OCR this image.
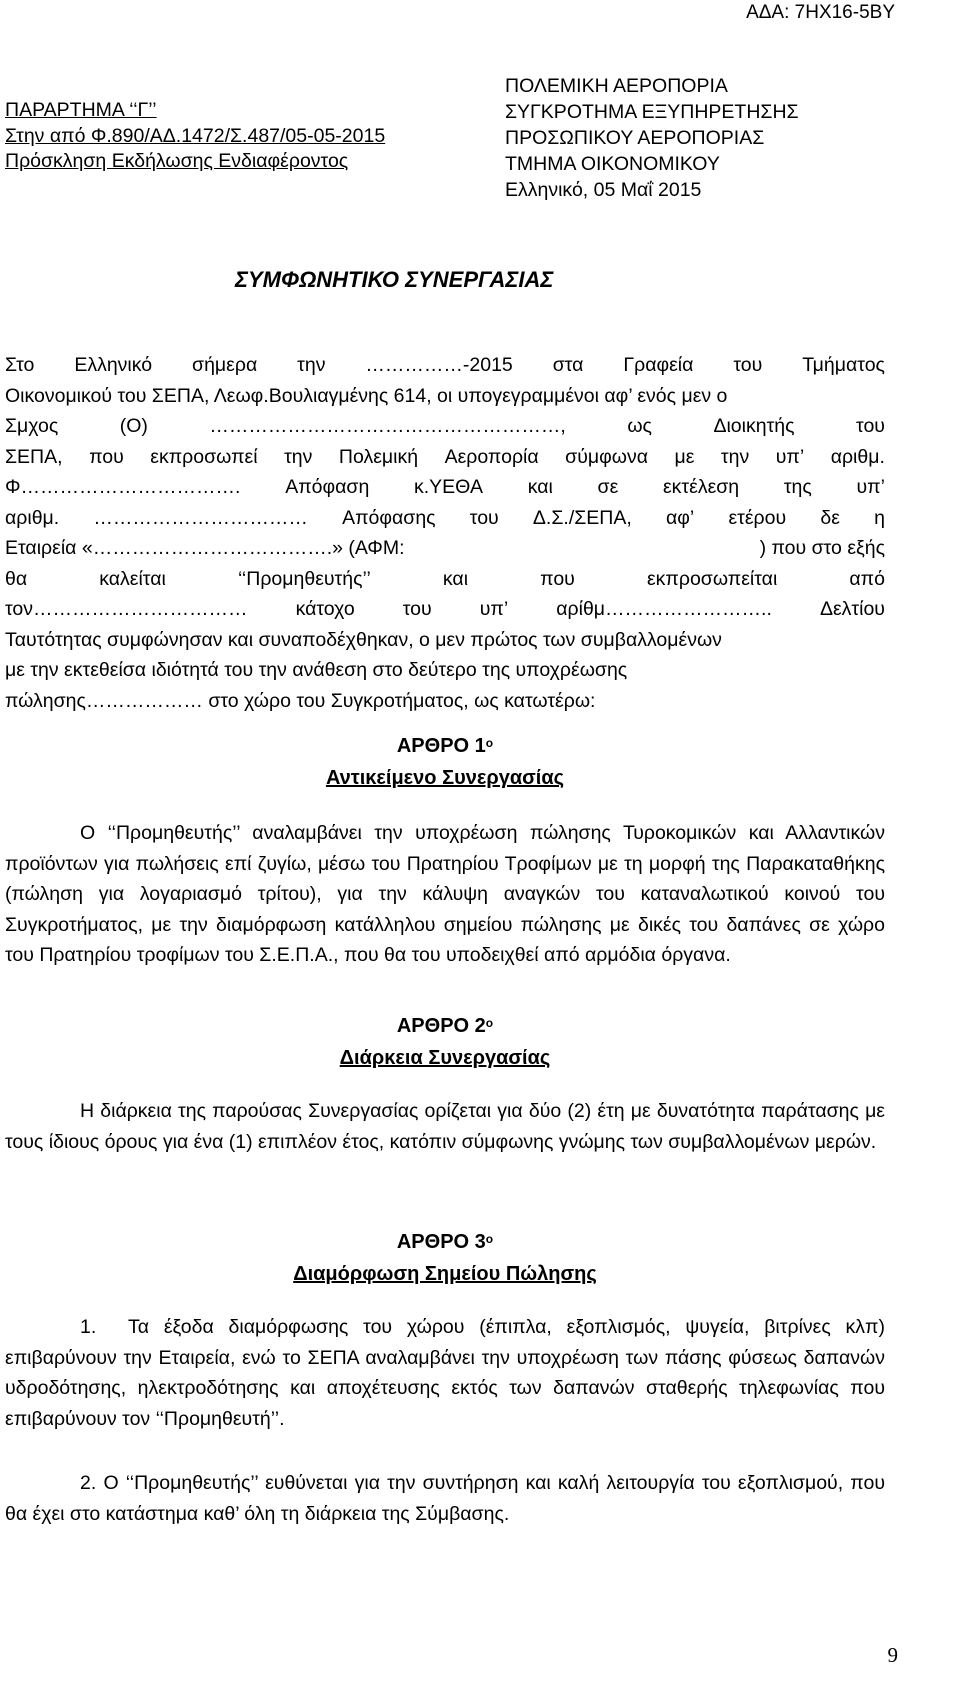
ΑΔΑ: 7ΗΧ16-5ΒΥ
ΠΑΡΑΡΤΗΜΑ ‘‘Γ’’
Στην από Φ.890/ΑΔ.1472/Σ.487/05-05-2015
Πρόσκληση Εκδήλωσης Ενδιαφέροντος
ΠΟΛΕΜΙΚΗ ΑΕΡΟΠΟΡΙΑ
ΣΥΓΚΡΟΤΗΜΑ ΕΞΥΠΗΡΕΤΗΣΗΣ
ΠΡΟΣΩΠΙΚΟΥ ΑΕΡΟΠΟΡΙΑΣ
ΤΜΗΜΑ ΟΙΚΟΝΟΜΙΚΟΥ
Ελληνικό, 05 Μαΐ 2015
ΣΥΜΦΩΝΗΤΙΚΟ ΣΥΝΕΡΓΑΣΙΑΣ
Στο Ελληνικό σήμερα την ……………-2015 στα Γραφεία του Τμήματος
Οικονομικού του ΣΕΠΑ, Λεωφ.Βουλιαγμένης 614, οι υπογεγραμμένοι αφ’ ενός μεν ο
Σμχος	(Ο)	………………………………………………,	ως	Διοικητής	του
ΣΕΠΑ, που εκπροσωπεί την Πολεμική Αεροπορία σύμφωνα με την υπ’ αριθμ.
Φ……………………………. Απόφαση κ.ΥΕΘΑ και σε εκτέλεση της υπ’
αριθμ. …………………………… Απόφασης του Δ.Σ./ΣΕΠΑ, αφ’ ετέρου δε η
Εταιρεία «……………………………….» (ΑΦΜ:	) που στο εξής
θα	καλείται	‘‘Προμηθευτής’’	και	που	εκπροσωπείται	από
τον…………………………… κάτοχο του υπ’ αρίθμ…………………….. Δελτίου
Ταυτότητας συμφώνησαν και συναποδέχθηκαν, ο μεν πρώτος των συμβαλλομένων
με την εκτεθείσα ιδιότητά του την ανάθεση στο δεύτερο της υποχρέωσης
πώλησης……………… στο χώρο του Συγκροτήματος, ως κατωτέρω:
ΑΡΘΡΟ $1^o$
Αντικείμενο Συνεργασίας

Ο ‘‘Προμηθευτής’’ αναλαμβάνει την υποχρέωση πώλησης Τυροκομικών και Αλλαντικών προϊόντων για πωλήσεις επί ζυγίω, μέσω του Πρατηρίου Τροφίμων με τη μορφή της Παρακαταθήκης (πώληση για λογαριασμό τρίτου), για την κάλυψη αναγκών του καταναλωτικού κοινού του Συγκροτήματος, με την διαμόρφωση κατάλληλου σημείου πώλησης με δικές του δαπάνες σε χώρο του Πρατηρίου τροφίμων του Σ.Ε.Π.Α., που θα του υποδειχθεί από αρμόδια όργανα.

ΑΡΘΡΟ $2^o$
Διάρκεια Συνεργασίας

Η διάρκεια της παρούσας Συνεργασίας ορίζεται για δύο (2) έτη με δυνατότητα παράτασης με τους ίδιους όρους για ένα (1) επιπλέον έτος, κατόπιν σύμφωνης γνώμης των συμβαλλομένων μερών.

ΑΡΘΡΟ $3^o$
Διαμόρφωση Σημείου Πώλησης

1. Τα έξοδα διαμόρφωσης του χώρου (έπιπλα, εξοπλισμός, ψυγεία, βιτρίνες κλπ) επιβαρύνουν την Εταιρεία, ενώ το ΣΕΠΑ αναλαμβάνει την υποχρέωση των πάσης φύσεως δαπανών υδροδότησης, ηλεκτροδότησης και αποχέτευσης εκτός των δαπανών σταθερής τηλεφωνίας που επιβαρύνουν τον ‘‘Προμηθευτή’’.

2. Ο ‘‘Προμηθευτής’’ ευθύνεται για την συντήρηση και καλή λειτουργία του εξοπλισμού, που θα έχει στο κατάστημα καθ’ όλη τη διάρκεια της Σύμβασης.

9
